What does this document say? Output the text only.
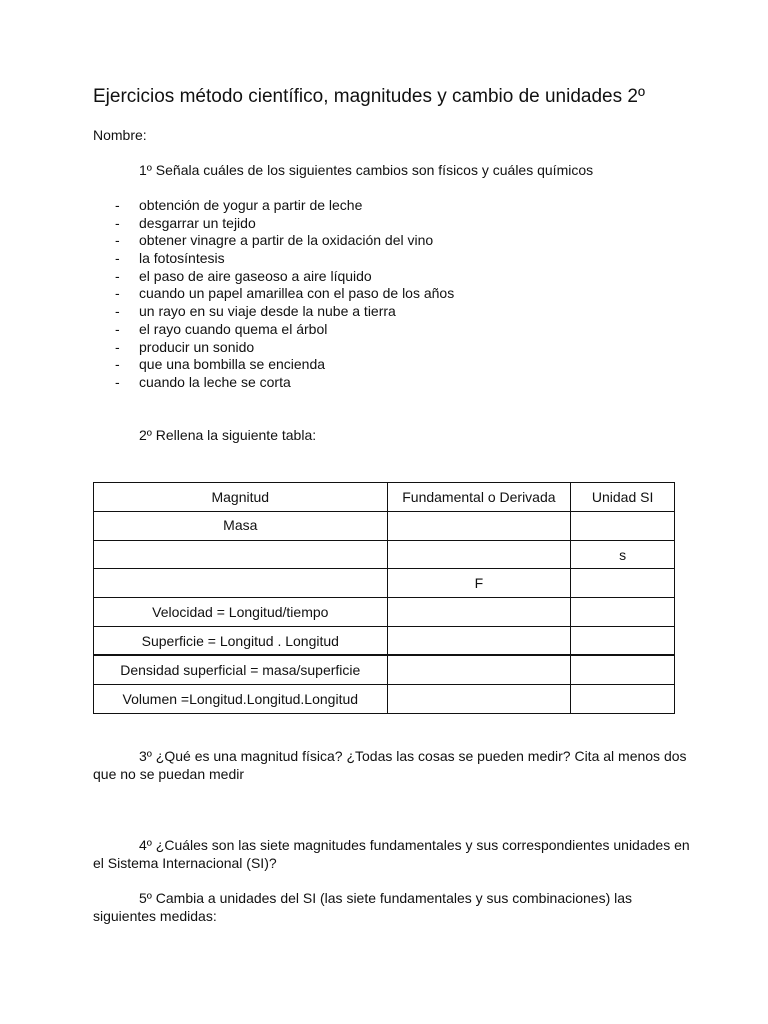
Ejercicios método científico, magnitudes y cambio de unidades 2º
Nombre:
1º Señala cuáles de los siguientes cambios son físicos y cuáles químicos
- obtención de yogur a partir de leche
- desgarrar un tejido
- obtener vinagre a partir de la oxidación del vino
- la fotosíntesis
- el paso de aire gaseoso a aire líquido
- cuando un papel amarillea con el paso de los años
- un rayo en su viaje desde la nube a tierra
- el rayo cuando quema el árbol
- producir un sonido
- que una bombilla se encienda
- cuando la leche se corta
2º Rellena la siguiente tabla:
Magnitud	Fundamental o Derivada	Unidad SI
Masa		
		s
	F	
Velocidad = Longitud/tiempo		
Superficie = Longitud . Longitud		
Densidad superficial = masa/superficie		
Volumen =Longitud.Longitud.Longitud		
3º ¿Qué es una magnitud física? ¿Todas las cosas se pueden medir? Cita al menos dos que no se puedan medir
4º ¿Cuáles son las siete magnitudes fundamentales y sus correspondientes unidades en el Sistema Internacional (SI)?
5º Cambia a unidades del SI (las siete fundamentales y sus combinaciones) las siguientes medidas:
